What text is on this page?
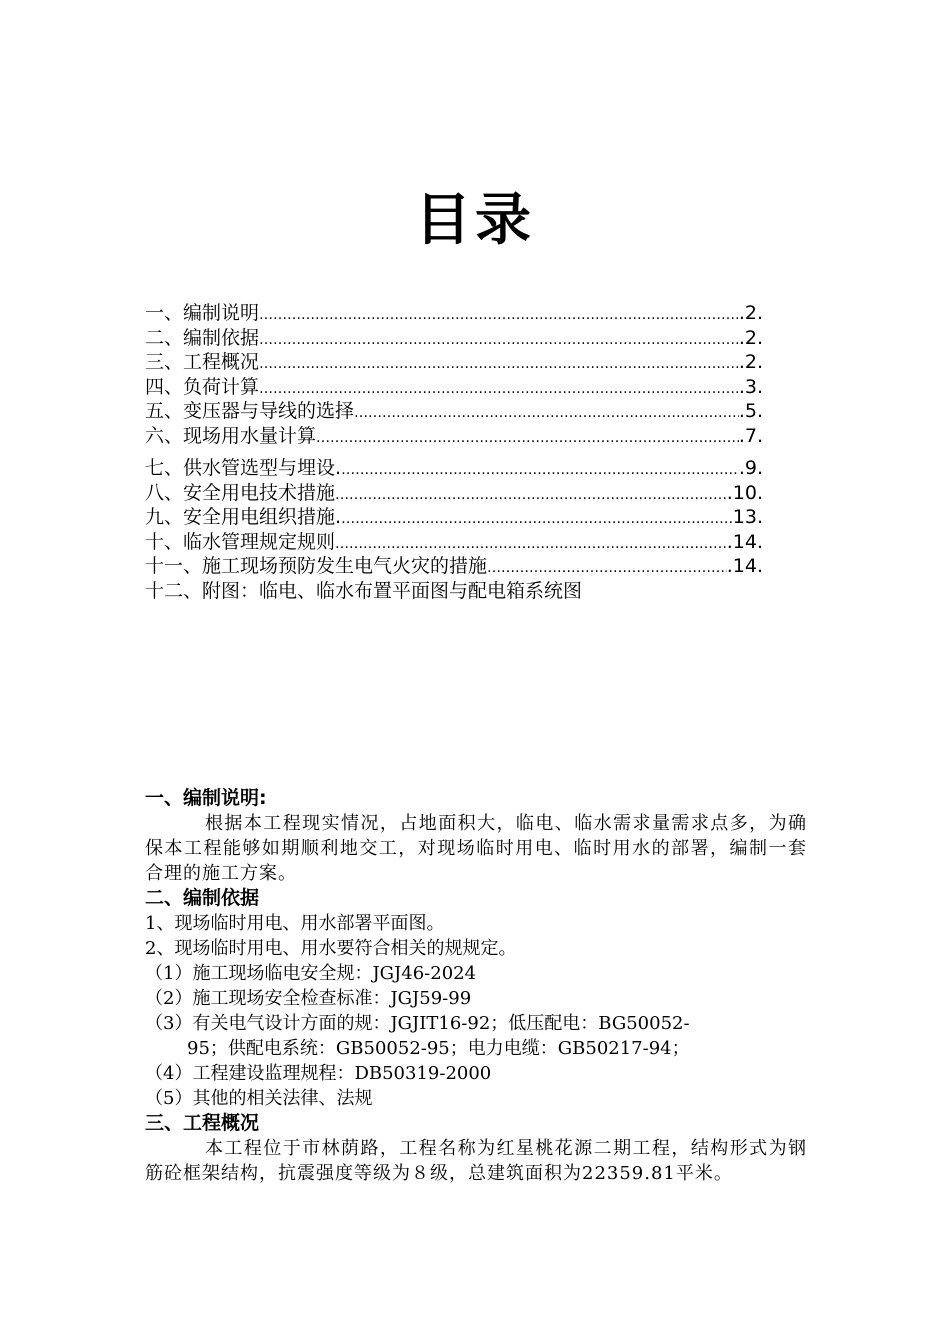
目录
一、 编制说明 …………………………………………………………………………………………………………………	.2.
二、 编制依据 …………………………………………………………………………………………………………………	.2.
三、 工程概况 …………………………………………………………………………………………………………………	.2.
四、 负荷计算 …………………………………………………………………………………………………………………	.3.
五、 变压器与导线的选择 …………………………………………………………………………………………………………………	.5.
六、 现场用水量计算 …………………………………………………………………………………………………………………	.7.
七、 供水管选型与埋设. …………………………………………………………………………………………………………………	.9.
八、 安全用电技术措施 …………………………………………………………………………………………………………………	.10.
九、 安全用电组织措施. …………………………………………………………………………………………………………………	13.
十、 临水管理规定规则 …………………………………………………………………………………………………………………	.14.
十一、 施工现场预防发生电气火灾的措施 …………………………………………………………………………………………………………………	.14.
十二、 附图：临电、临水布置平面图与配电箱系统图
一、编制说明:
根据本工程现实情况，占地面积大，临电、临水需求量需求点多，为确保本工程能够如期顺利地交工，对现场临时用电、临时用水的部署，编制一套合理的施工方案。
二、编制依据
1、现场临时用电、用水部署平面图。
2、现场临时用电、用水要符合相关的规规定。
（1）施工现场临电安全规：JGJ46-2024
（2）施工现场安全检查标准：JGJ59-99
（3）有关电气设计方面的规：JGJIT16-92；低压配电：BG50052-
95；供配电系统：GB50052-95；电力电缆：GB50217-94；
（4）工程建设监理规程：DB50319-2000
（5）其他的相关法律、法规
三、工程概况
本工程位于市林荫路，工程名称为红星桃花源二期工程，结构形式为钢筋砼框架结构，抗震强度等级为８级，总建筑面积为22359.81平米。
